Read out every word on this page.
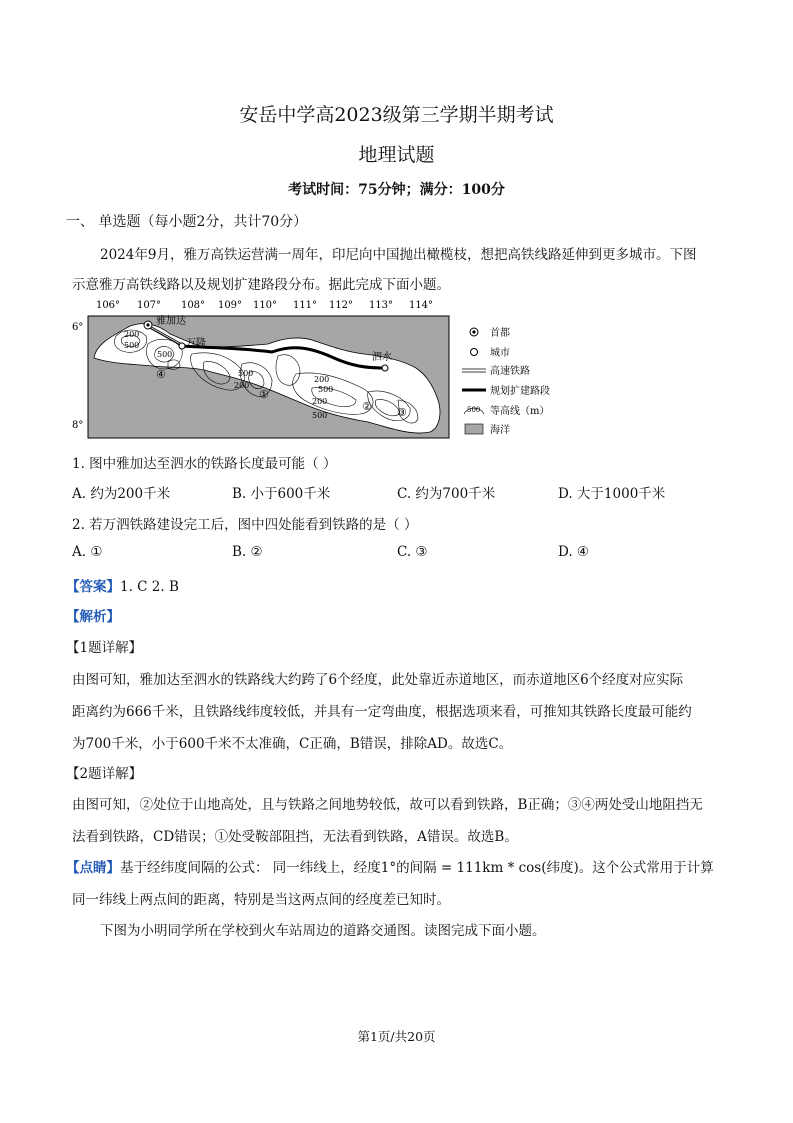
安岳中学高2023级第三学期半期考试
地理试题
考试时间：75分钟；满分：100分
一、 单选题（每小题2分，共计70分）
2024年9月，雅万高铁运营满一周年，印尼向中国抛出橄榄枝，想把高铁线路延伸到更多城市。下图
示意雅万高铁线路以及规划扩建路段分布。据此完成下面小题。
106° 107° 108° 109° 110° 111° 112° 113° 114°
6°
8°
200
500
500
200
500
200
500
200
500
①
② ③
④
雅加达
万隆
泗水
首都
城市
高速铁路
规划扩建路段
500 等高线（m）
海洋
1. 图中雅加达至泗水的铁路长度最可能（ ）
A. 约为200千米	B. 小于600千米	C. 约为700千米	D. 大于1000千米
2. 若万泗铁路建设完工后，图中四处能看到铁路的是（ ）
A. ①	B. ②	C. ③	D. ④
【答案】1. C 2. B
【解析】
【1题详解】
由图可知，雅加达至泗水的铁路线大约跨了6个经度，此处靠近赤道地区，而赤道地区6个经度对应实际
距离约为666千米，且铁路线纬度较低，并具有一定弯曲度，根据选项来看，可推知其铁路长度最可能约
为700千米，小于600千米不太准确，C正确，B错误，排除AD。故选C。
【2题详解】
由图可知，②处位于山地高处，且与铁路之间地势较低，故可以看到铁路，B正确；③④两处受山地阻挡无
法看到铁路，CD错误；①处受鞍部阻挡，无法看到铁路，A错误。故选B。
【点睛】基于经纬度间隔的公式： 同一纬线上，经度1°的间隔 = 111km * cos(纬度)。这个公式常用于计算
同一纬线上两点间的距离，特别是当这两点间的经度差已知时。
下图为小明同学所在学校到火车站周边的道路交通图。读图完成下面小题。
第1页/共20页
